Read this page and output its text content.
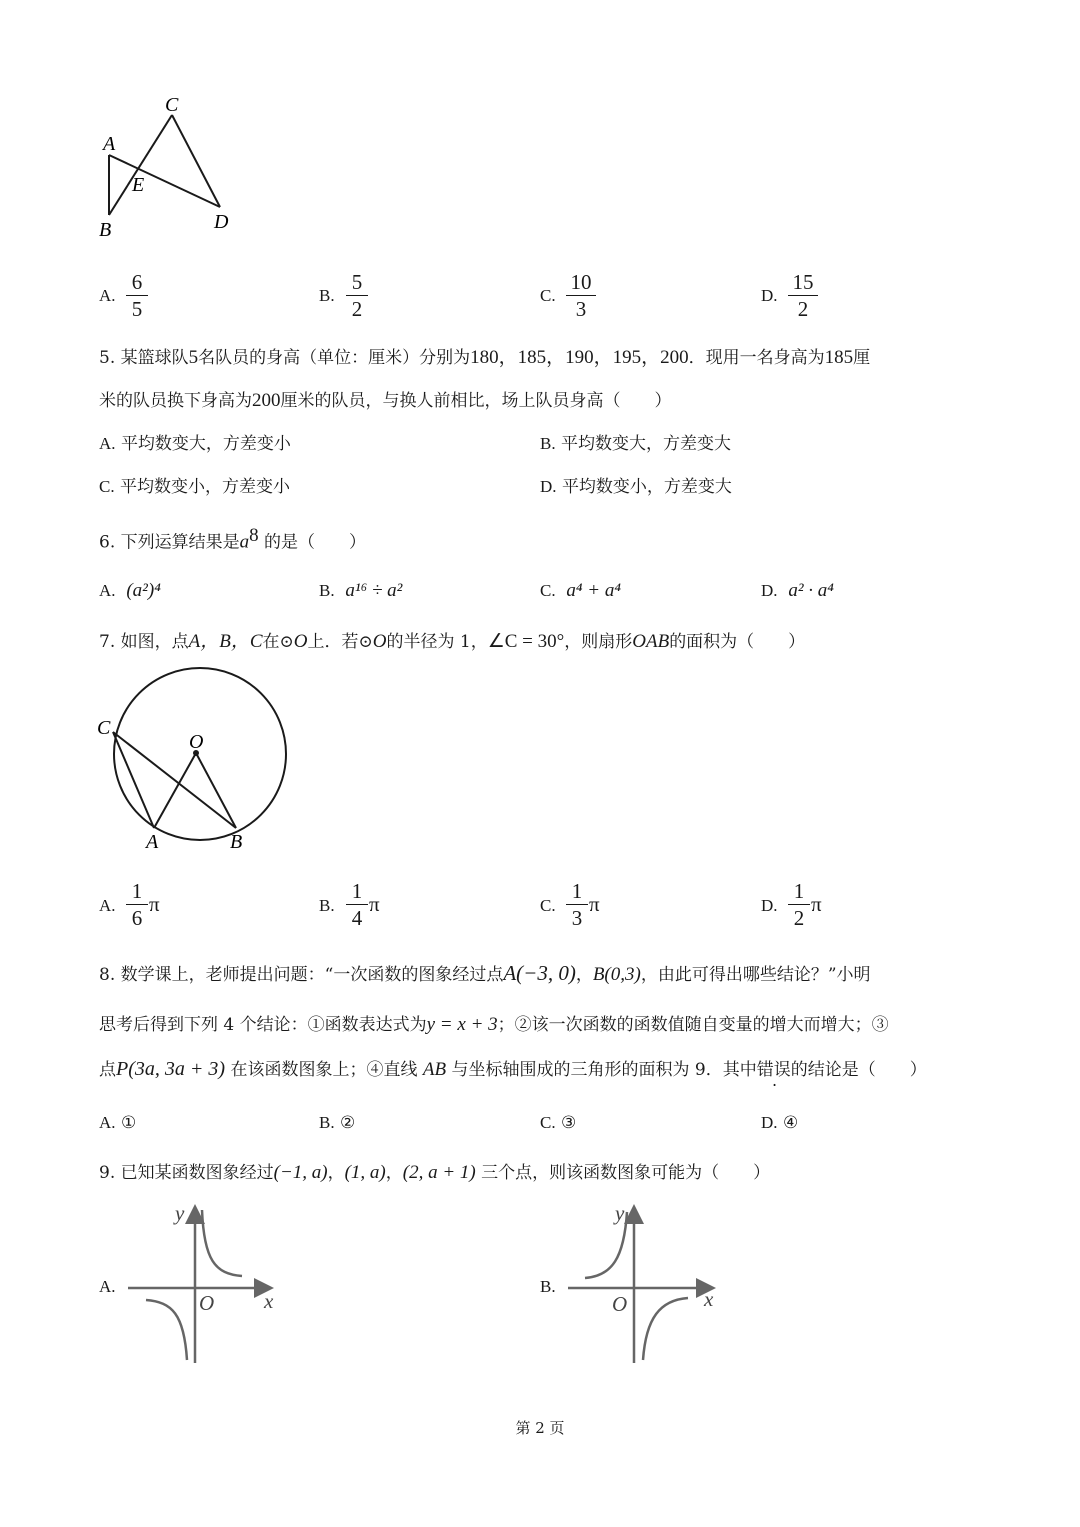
C
A
E
D
B
A.
6
5
B.
5
2
C.
10
3
D.
15
2
5. 某篮球队5名队员的身高（单位：厘米）分别为180，185，190，195，200．现用一名身高为185厘
米的队员换下身高为200厘米的队员，与换人前相比，场上队员身高（　　）
A. 平均数变大，方差变小	B. 平均数变大，方差变大
C. 平均数变小，方差变小	D. 平均数变小，方差变大
6. 下列运算结果是$a^8$ 的是（　　）
A. (a²)⁴	B. a¹⁶ ÷ a²	C. a⁴ + a⁴	D. a² · a⁴
7. 如图，点A，B，C在⊙O上．若⊙O的半径为 1，∠C = 30°，则扇形OAB的面积为（　　）
C
O
A	B
A.
1
6
π	B.
1
4
π	C.
1
3
π	D.
1
2
π
8. 数学课上，老师提出问题：“一次函数的图象经过点A(−3, 0)，B(0,3)，由此可得出哪些结论？”小明
思考后得到下列 4 个结论：①函数表达式为y = x + 3；②该一次函数的函数值随自变量的增大而增大；③
点P(3a, 3a + 3) 在该函数图象上；④直线 AB 与坐标轴围成的三角形的面积为 9．其中错误的结论是（　　）
A. ①	B. ②	C. ③	D. ④
9. 已知某函数图象经过(−1, a)，(1, a)，(2, a + 1) 三个点，则该函数图象可能为（　　）
A.
y
x
O
B.
y
x
O
第 2 页
